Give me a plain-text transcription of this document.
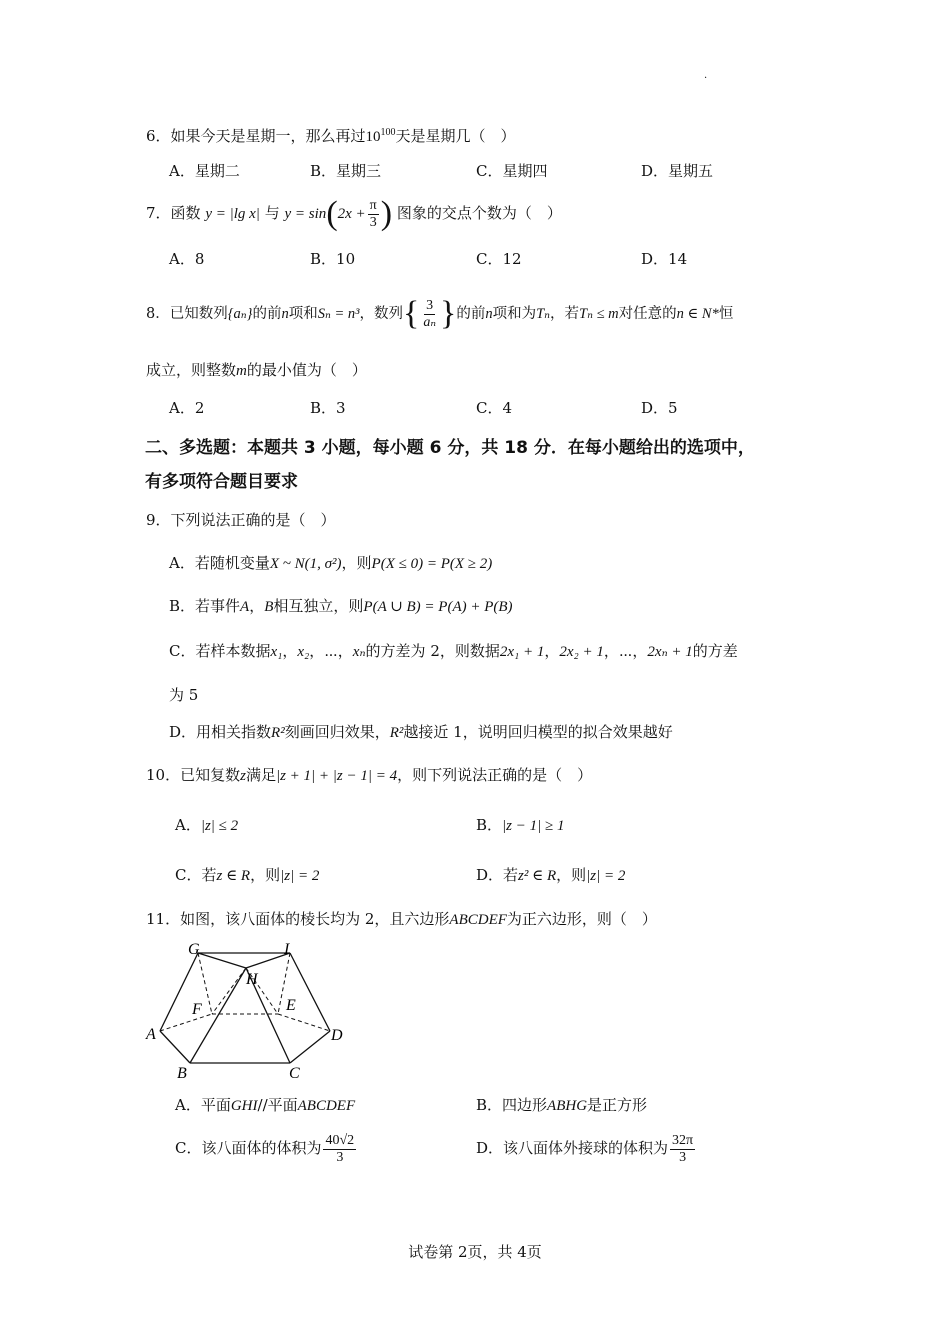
.
6．如果今天是星期一，那么再过$10^{100}$天是星期几（　）
A．星期二	B．星期三	C．星期四	D．星期五
7．函数 y = |lg x| 与 $y = \sin(2x + \frac{\pi}{3}$ ) 图象的交点个数为（　）
A．8	B．10	C．12	D．14
8．已知数列{aₙ}的前n项和Sₙ = n³，数列{ $\frac{3}{\text{aₙ}}$ }的前n项和为Tₙ，若Tₙ ≤ m对任意的n ∈ N*恒
成立，则整数m的最小值为（　）
A．2	B．3	C．4	D．5
二、多选题：本题共 3 小题，每小题 6 分，共 18 分．在每小题给出的选项中，
有多项符合题目要求
9．下列说法正确的是（　）
A．若随机变量X ~ N(1, σ²)，则P(X ≤ 0) = P(X ≥ 2)
B．若事件A，B相互独立，则P(A ∪ B) = P(A) + P(B)
C．若样本数据x₁，x₂，⋯，xₙ的方差为 2，则数据2x₁ + 1，2x₂ + 1，⋯，2xₙ + 1的方差
为 5
D．用相关指数R²刻画回归效果，R²越接近 1，说明回归模型的拟合效果越好
10．已知复数z满足|z + 1| + |z − 1| = 4，则下列说法正确的是（　）
A．|z| ≤ 2	B．|z − 1| ≥ 1
C．若z ∈ R，则|z| = 2	D．若z² ∈ R，则|z| = 2
11．如图，该八面体的棱长均为 2，且六边形ABCDEF为正六边形，则（　）
G	I
H
F	E
A	D
B	C
A．平面GHI//平面ABCDEF	B．四边形ABHG是正方形
C．该八面体的体积为 $\frac{40√2}{3}$	D．该八面体外接球的体积为 $\frac{32\pi}{3}$
试卷第 2页，共 4页
